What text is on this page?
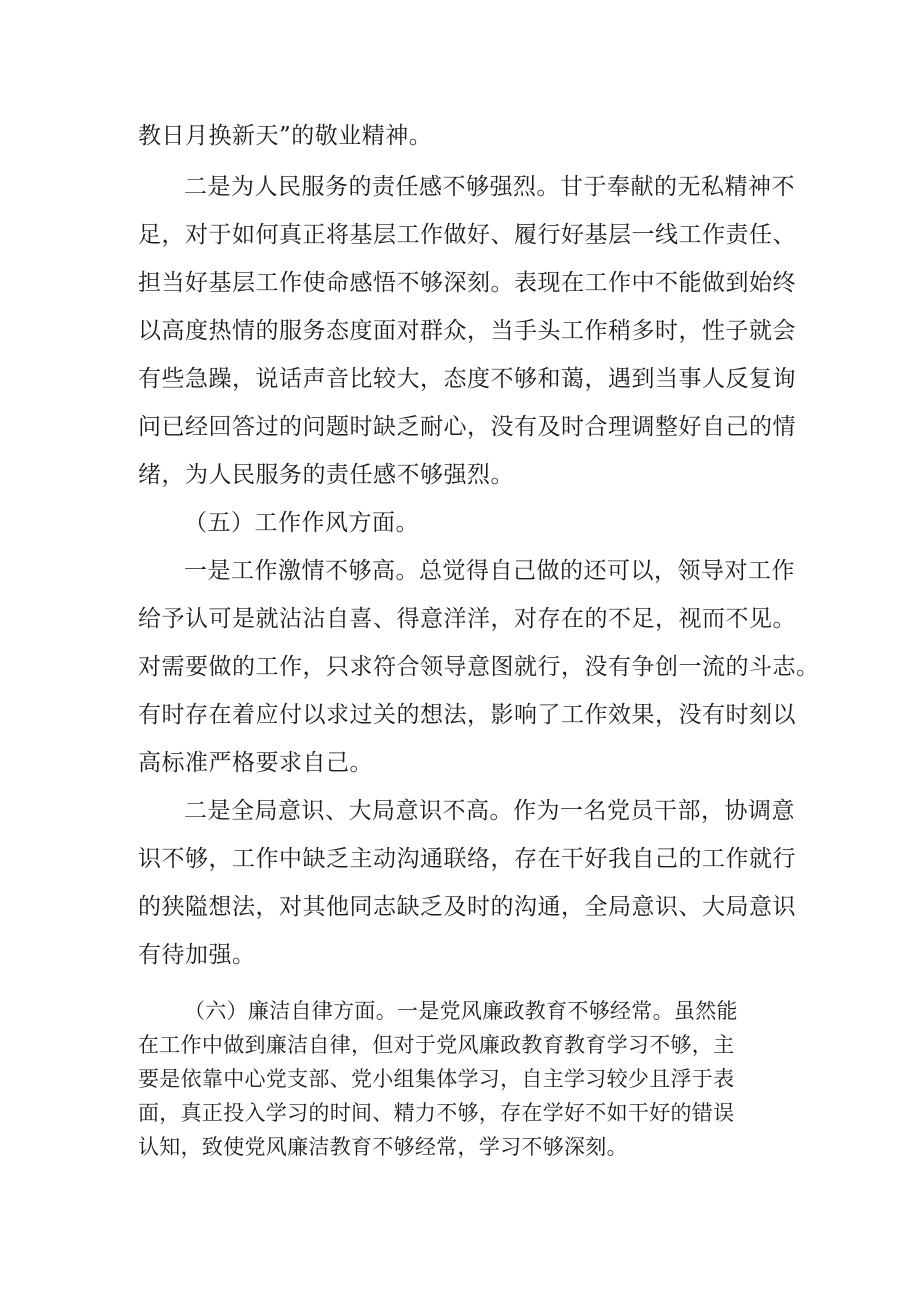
教日月换新天”的敬业精神。
二是为人民服务的责任感不够强烈。甘于奉献的无私精神不
足，对于如何真正将基层工作做好、履行好基层一线工作责任、
担当好基层工作使命感悟不够深刻。表现在工作中不能做到始终
以高度热情的服务态度面对群众，当手头工作稍多时，性子就会
有些急躁，说话声音比较大，态度不够和蔼，遇到当事人反复询
问已经回答过的问题时缺乏耐心，没有及时合理调整好自己的情
绪，为人民服务的责任感不够强烈。
（五）工作作风方面。
一是工作激情不够高。总觉得自己做的还可以，领导对工作
给予认可是就沾沾自喜、得意洋洋，对存在的不足，视而不见。
对需要做的工作，只求符合领导意图就行，没有争创一流的斗志。
有时存在着应付以求过关的想法，影响了工作效果，没有时刻以
高标准严格要求自己。
二是全局意识、大局意识不高。作为一名党员干部，协调意
识不够，工作中缺乏主动沟通联络，存在干好我自己的工作就行
的狭隘想法，对其他同志缺乏及时的沟通，全局意识、大局意识
有待加强。
（六）廉洁自律方面。一是党风廉政教育不够经常。虽然能
在工作中做到廉洁自律，但对于党风廉政教育教育学习不够，主
要是依靠中心党支部、党小组集体学习，自主学习较少且浮于表
面，真正投入学习的时间、精力不够，存在学好不如干好的错误
认知，致使党风廉洁教育不够经常，学习不够深刻。
